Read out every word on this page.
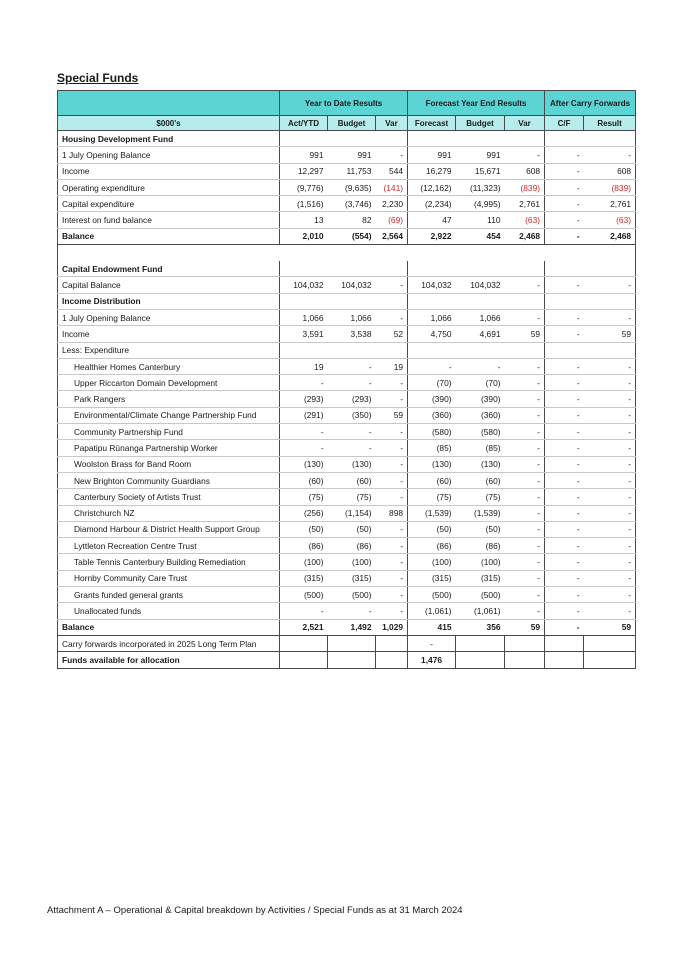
Special Funds
	Year to Date Results			Forecast Year End Results			After Carry Forwards	
$000's	Act/YTD	Budget	Var	Forecast	Budget	Var	C/F	Result
Housing Development Fund								
1 July Opening Balance	991	991	-	991	991	-	-	-
Income	12,297	11,753	544	16,279	15,671	608	-	608
Operating expenditure	(9,776)	(9,635)	(141)	(12,162)	(11,323)	(839)	-	(839)
Capital expenditure	(1,516)	(3,746)	2,230	(2,234)	(4,995)	2,761	-	2,761
Interest on fund balance	13	82	(69)	47	110	(63)	-	(63)
Balance	2,010	(554)	2,564	2,922	454	2,468	-	2,468

Capital Endowment Fund								
Capital Balance	104,032	104,032	-	104,032	104,032	-	-	-
Income Distribution								
1 July Opening Balance	1,066	1,066	-	1,066	1,066	-	-	-
Income	3,591	3,538	52	4,750	4,691	59	-	59
Less: Expenditure								
Healthier Homes Canterbury	19	-	19	-	-	-	-	-
Upper Riccarton Domain Development	-	-	-	(70)	(70)	-	-	-
Park Rangers	(293)	(293)	-	(390)	(390)	-	-	-
Environmental/Climate Change Partnership Fund	(291)	(350)	59	(360)	(360)	-	-	-
Community Partnership Fund	-	-	-	(580)	(580)	-	-	-
Papatipu Rūnanga Partnership Worker	-	-	-	(85)	(85)	-	-	-
Woolston Brass for Band Room	(130)	(130)	-	(130)	(130)	-	-	-
New Brighton Community Guardians	(60)	(60)	-	(60)	(60)	-	-	-
Canterbury Society of Artists Trust	(75)	(75)	-	(75)	(75)	-	-	-
Christchurch NZ	(256)	(1,154)	898	(1,539)	(1,539)	-	-	-
Diamond Harbour & District Health Support Group	(50)	(50)	-	(50)	(50)	-	-	-
Lyttleton Recreation Centre Trust	(86)	(86)	-	(86)	(86)	-	-	-
Table Tennis Canterbury Building Remediation	(100)	(100)	-	(100)	(100)	-	-	-
Hornby Community Care Trust	(315)	(315)	-	(315)	(315)	-	-	-
Grants funded general grants	(500)	(500)	-	(500)	(500)	-	-	-
Unallocated funds	-	-	-	(1,061)	(1,061)	-	-	-
Balance	2,521	1,492	1,029	415	356	59	-	59
Carry forwards incorporated in 2025 Long Term Plan				-				
Funds available for allocation				1,476				
Attachment A – Operational & Capital breakdown by Activities / Special Funds as at 31 March 2024
